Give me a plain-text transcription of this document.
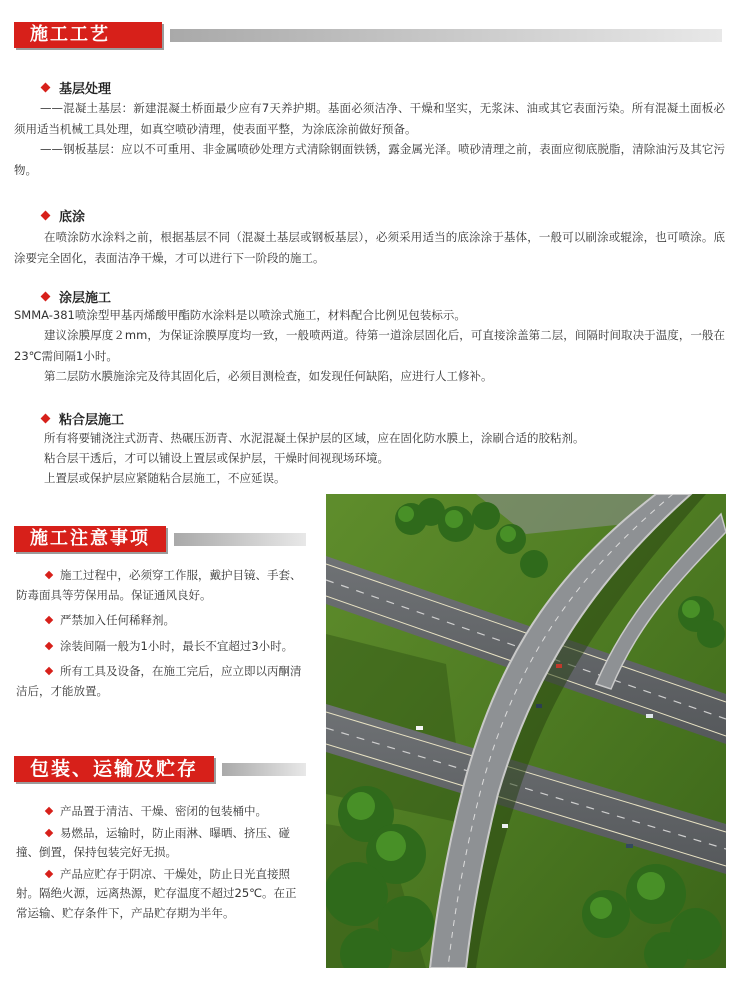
施工工艺
基层处理

——混凝土基层：新建混凝土桥面最少应有7天养护期。基面必须洁净、干燥和坚实，无浆沫、油或其它表面污染。所有混凝土面板必须用适当机械工具处理，如真空喷砂清理，使表面平整，为涂底涂前做好预备。

——钢板基层：应以不可重用、非金属喷砂处理方式清除钢面铁锈，露金属光泽。喷砂清理之前，表面应彻底脱脂，清除油污及其它污物。

底涂

在喷涂防水涂料之前，根据基层不同（混凝土基层或钢板基层），必须采用适当的底涂涂于基体，一般可以刷涂或辊涂，也可喷涂。底涂要完全固化，表面洁净干燥，才可以进行下一阶段的施工。

涂层施工

SMMA-381喷涂型甲基丙烯酸甲酯防水涂料是以喷涂式施工，材料配合比例见包装标示。

建议涂膜厚度２mm，为保证涂膜厚度均一致，一般喷两道。待第一道涂层固化后，可直接涂盖第二层，间隔时间取决于温度，一般在23℃需间隔1小时。

第二层防水膜施涂完及待其固化后，必须目测检查，如发现任何缺陷，应进行人工修补。

粘合层施工

所有将要铺浇注式沥青、热碾压沥青、水泥混凝土保护层的区域，应在固化防水膜上，涂刷合适的胶粘剂。

粘合层干透后，才可以铺设上置层或保护层，干燥时间视现场环境。

上置层或保护层应紧随粘合层施工，不应延误。

施工注意事项
施工过程中，必须穿工作服，戴护目镜、手套、防毒面具等劳保用品。保证通风良好。
严禁加入任何稀释剂。
涂装间隔一般为1小时，最长不宜超过3小时。
所有工具及设备，在施工完后，应立即以丙酮清洁后，才能放置。
包装、运输及贮存
产品置于清洁、干燥、密闭的包装桶中。
易燃品，运输时，防止雨淋、曝晒、挤压、碰撞、倒置，保持包装完好无损。
产品应贮存于阴凉、干燥处，防止日光直接照射。隔绝火源，远离热源，贮存温度不超过25℃。在正常运输、贮存条件下，产品贮存期为半年。
